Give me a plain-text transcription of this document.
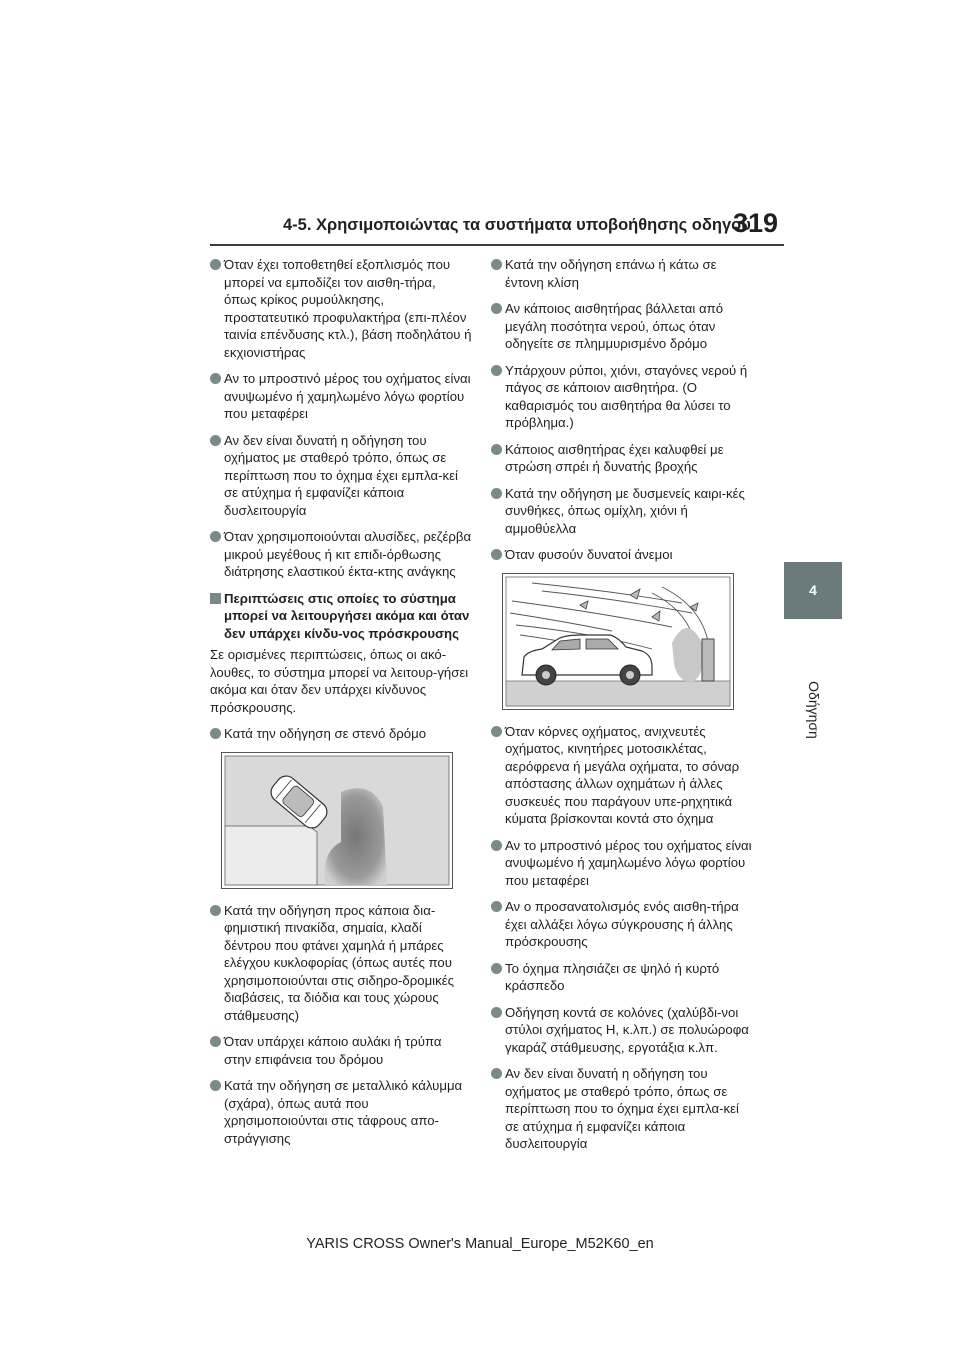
4-5. Χρησιμοποιώντας τα συστήματα υποβοήθησης οδηγού
319
4
Οδήγηση
Όταν έχει τοποθετηθεί εξοπλισμός που μπορεί να εμποδίζει τον αισθη-τήρα, όπως κρίκος ρυμούλκησης, προστατευτικό προφυλακτήρα (επι-πλέον ταινία επένδυσης κτλ.), βάση ποδηλάτου ή εκχιονιστήρας
Αν το μπροστινό μέρος του οχήματος είναι ανυψωμένο ή χαμηλωμένο λόγω φορτίου που μεταφέρει
Αν δεν είναι δυνατή η οδήγηση του οχήματος με σταθερό τρόπο, όπως σε περίπτωση που το όχημα έχει εμπλα-κεί σε ατύχημα ή εμφανίζει κάποια δυσλειτουργία
Όταν χρησιμοποιούνται αλυσίδες, ρεζέρβα μικρού μεγέθους ή κιτ επιδι-όρθωσης διάτρησης ελαστικού έκτα-κτης ανάγκης
Περιπτώσεις στις οποίες το σύστημα μπορεί να λειτουργήσει ακόμα και όταν δεν υπάρχει κίνδυ-νος πρόσκρουσης
Σε ορισμένες περιπτώσεις, όπως οι ακό-λουθες, το σύστημα μπορεί να λειτουρ-γήσει ακόμα και όταν δεν υπάρχει κίνδυνος πρόσκρουσης.
Κατά την οδήγηση σε στενό δρόμο
Κατά την οδήγηση προς κάποια δια-φημιστική πινακίδα, σημαία, κλαδί δέντρου που φτάνει χαμηλά ή μπάρες ελέγχου κυκλοφορίας (όπως αυτές που χρησιμοποιούνται στις σιδηρο-δρομικές διαβάσεις, τα διόδια και τους χώρους στάθμευσης)
Όταν υπάρχει κάποιο αυλάκι ή τρύπα στην επιφάνεια του δρόμου
Κατά την οδήγηση σε μεταλλικό κάλυμμα (σχάρα), όπως αυτά που χρησιμοποιούνται στις τάφρους απο-στράγγισης
Κατά την οδήγηση επάνω ή κάτω σε έντονη κλίση
Αν κάποιος αισθητήρας βάλλεται από μεγάλη ποσότητα νερού, όπως όταν οδηγείτε σε πλημμυρισμένο δρόμο
Υπάρχουν ρύποι, χιόνι, σταγόνες νερού ή πάγος σε κάποιον αισθητήρα. (Ο καθαρισμός του αισθητήρα θα λύσει το πρόβλημα.)
Κάποιος αισθητήρας έχει καλυφθεί με στρώση σπρέι ή δυνατής βροχής
Κατά την οδήγηση με δυσμενείς καιρι-κές συνθήκες, όπως ομίχλη, χιόνι ή αμμοθύελλα
Όταν φυσούν δυνατοί άνεμοι
Όταν κόρνες οχήματος, ανιχνευτές οχήματος, κινητήρες μοτοσικλέτας, αερόφρενα ή μεγάλα οχήματα, το σόναρ απόστασης άλλων οχημάτων ή άλλες συσκευές που παράγουν υπε-ρηχητικά κύματα βρίσκονται κοντά στο όχημα
Αν το μπροστινό μέρος του οχήματος είναι ανυψωμένο ή χαμηλωμένο λόγω φορτίου που μεταφέρει
Αν ο προσανατολισμός ενός αισθη-τήρα έχει αλλάξει λόγω σύγκρουσης ή άλλης πρόσκρουσης
Το όχημα πλησιάζει σε ψηλό ή κυρτό κράσπεδο
Οδήγηση κοντά σε κολόνες (χαλύβδι-νοι στύλοι σχήματος H, κ.λπ.) σε πολυώροφα γκαράζ στάθμευσης, εργοτάξια κ.λπ.
Αν δεν είναι δυνατή η οδήγηση του οχήματος με σταθερό τρόπο, όπως σε περίπτωση που το όχημα έχει εμπλα-κεί σε ατύχημα ή εμφανίζει κάποια δυσλειτουργία
YARIS CROSS Owner's Manual_Europe_M52K60_en
